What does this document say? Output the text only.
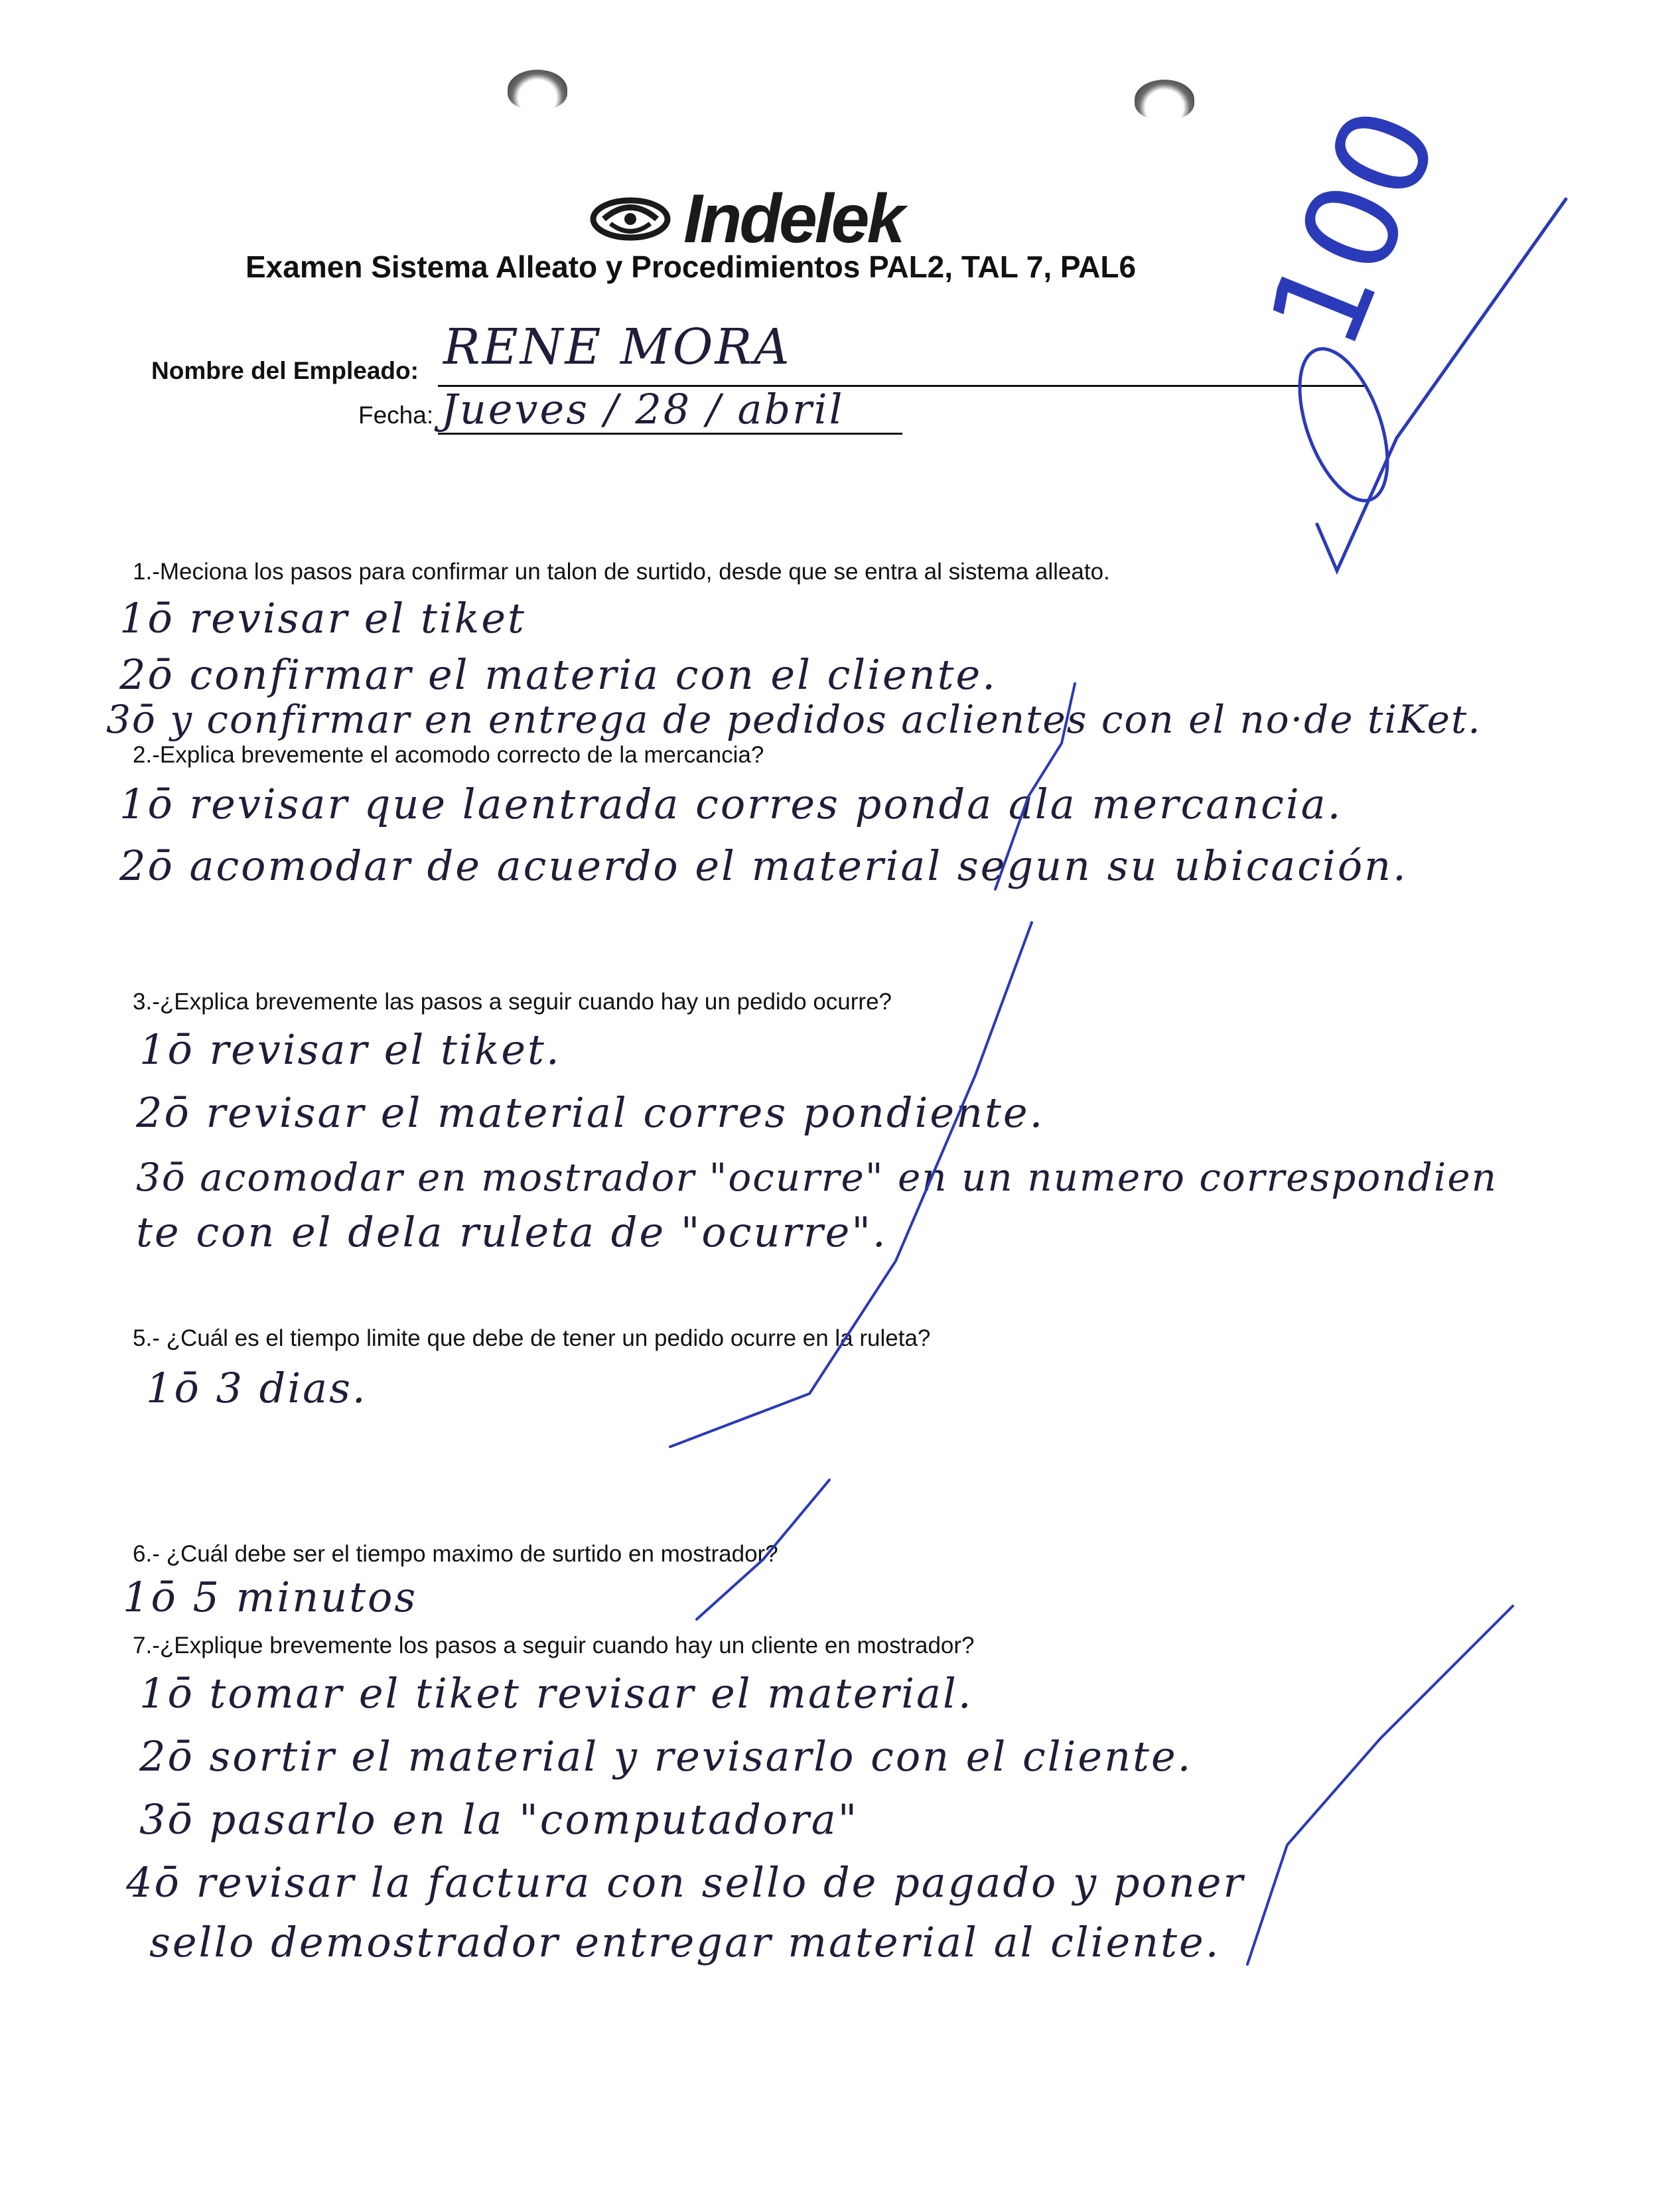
Indelek
Examen Sistema Alleato y Procedimientos PAL2, TAL 7, PAL6
Nombre del Empleado: RENE MORA
Fecha: Jueves / 28 / abril
100
1.-Meciona los pasos para confirmar un talon de surtido, desde que se entra al sistema alleato.
1ō revisar el tiket
2ō confirmar el materia con el cliente.
3ō y confirmar en entrega de pedidos aclientes con el no·de tiKet.
2.-Explica brevemente el acomodo correcto de la mercancia?
1ō revisar que laentrada corres ponda ala mercancia.
2ō acomodar de acuerdo el material segun su ubicación.
3.-¿Explica brevemente las pasos a seguir cuando hay un pedido ocurre?
1ō revisar el tiket.
2ō revisar el material corres pondiente.
3ō acomodar en mostrador "ocurre" en un numero correspondien
te con el dela ruleta de "ocurre".
5.- ¿Cuál es el tiempo limite que debe de tener un pedido ocurre en la ruleta?
1ō 3 dias.
6.- ¿Cuál debe ser el tiempo maximo de surtido en mostrador?
1ō 5 minutos
7.-¿Explique brevemente los pasos a seguir cuando hay un cliente en mostrador?
1ō tomar el tiket revisar el material.
2ō sortir el material y revisarlo con el cliente.
3ō pasarlo en la "computadora"
4ō revisar la factura con sello de pagado y poner
sello demostrador entregar material al cliente.
